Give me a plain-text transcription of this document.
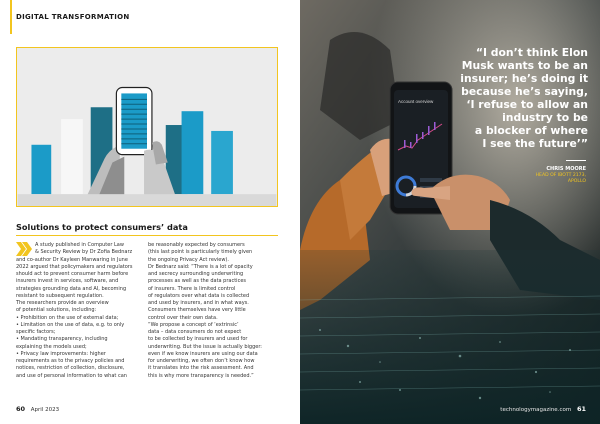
DIGITAL TRANSFORMATION
Solutions to protect consumers’ data

A study published in Computer Law

& Security Review by Dr Zofia Bednarz

and co-author Dr Kayleen Manwaring in June

2022 argued that policymakers and regulators

should act to prevent consumer harm before

insurers invest in services, software, and

strategies grounding data and AI, becoming

resistant to subsequent regulation.

The researchers provide an overview

of potential solutions, including:

• Prohibition on the use of external data;

• Limitation on the use of data, e.g. to only

specific factors;

• Mandating transparency, including

explaining the models used;

• Privacy law improvements: higher

requirements as to the privacy policies and

notices, restriction of collection, disclosure,

and use of personal information to what can

be reasonably expected by consumers

(this last point is particularly timely given

the ongoing Privacy Act review).

Dr Bednarz said: “There is a lot of opacity

and secrecy surrounding underwriting

processes as well as the data practices

of insurers. There is limited control

of regulators over what data is collected

and used by insurers, and in what ways.

Consumers themselves have very little

control over their own data.

“We propose a concept of ‘extrinsic’

data – data consumers do not expect

to be collected by insurers and used for

underwriting. But the issue is actually bigger:

even if we know insurers are using our data

for underwriting, we often don’t know how

it translates into the risk assessment. And

this is why more transparency is needed.”

60 April 2023
Account overview
“I don’t think Elon
Musk wants to be an
insurer; he’s doing it
because he’s saying,
‘I refuse to allow an
industry to be
a blocker of where
I see the future’”
CHRIS MOORE
HEAD OF IBOTT 2173,
APOLLO
technologymagazine.com 61
